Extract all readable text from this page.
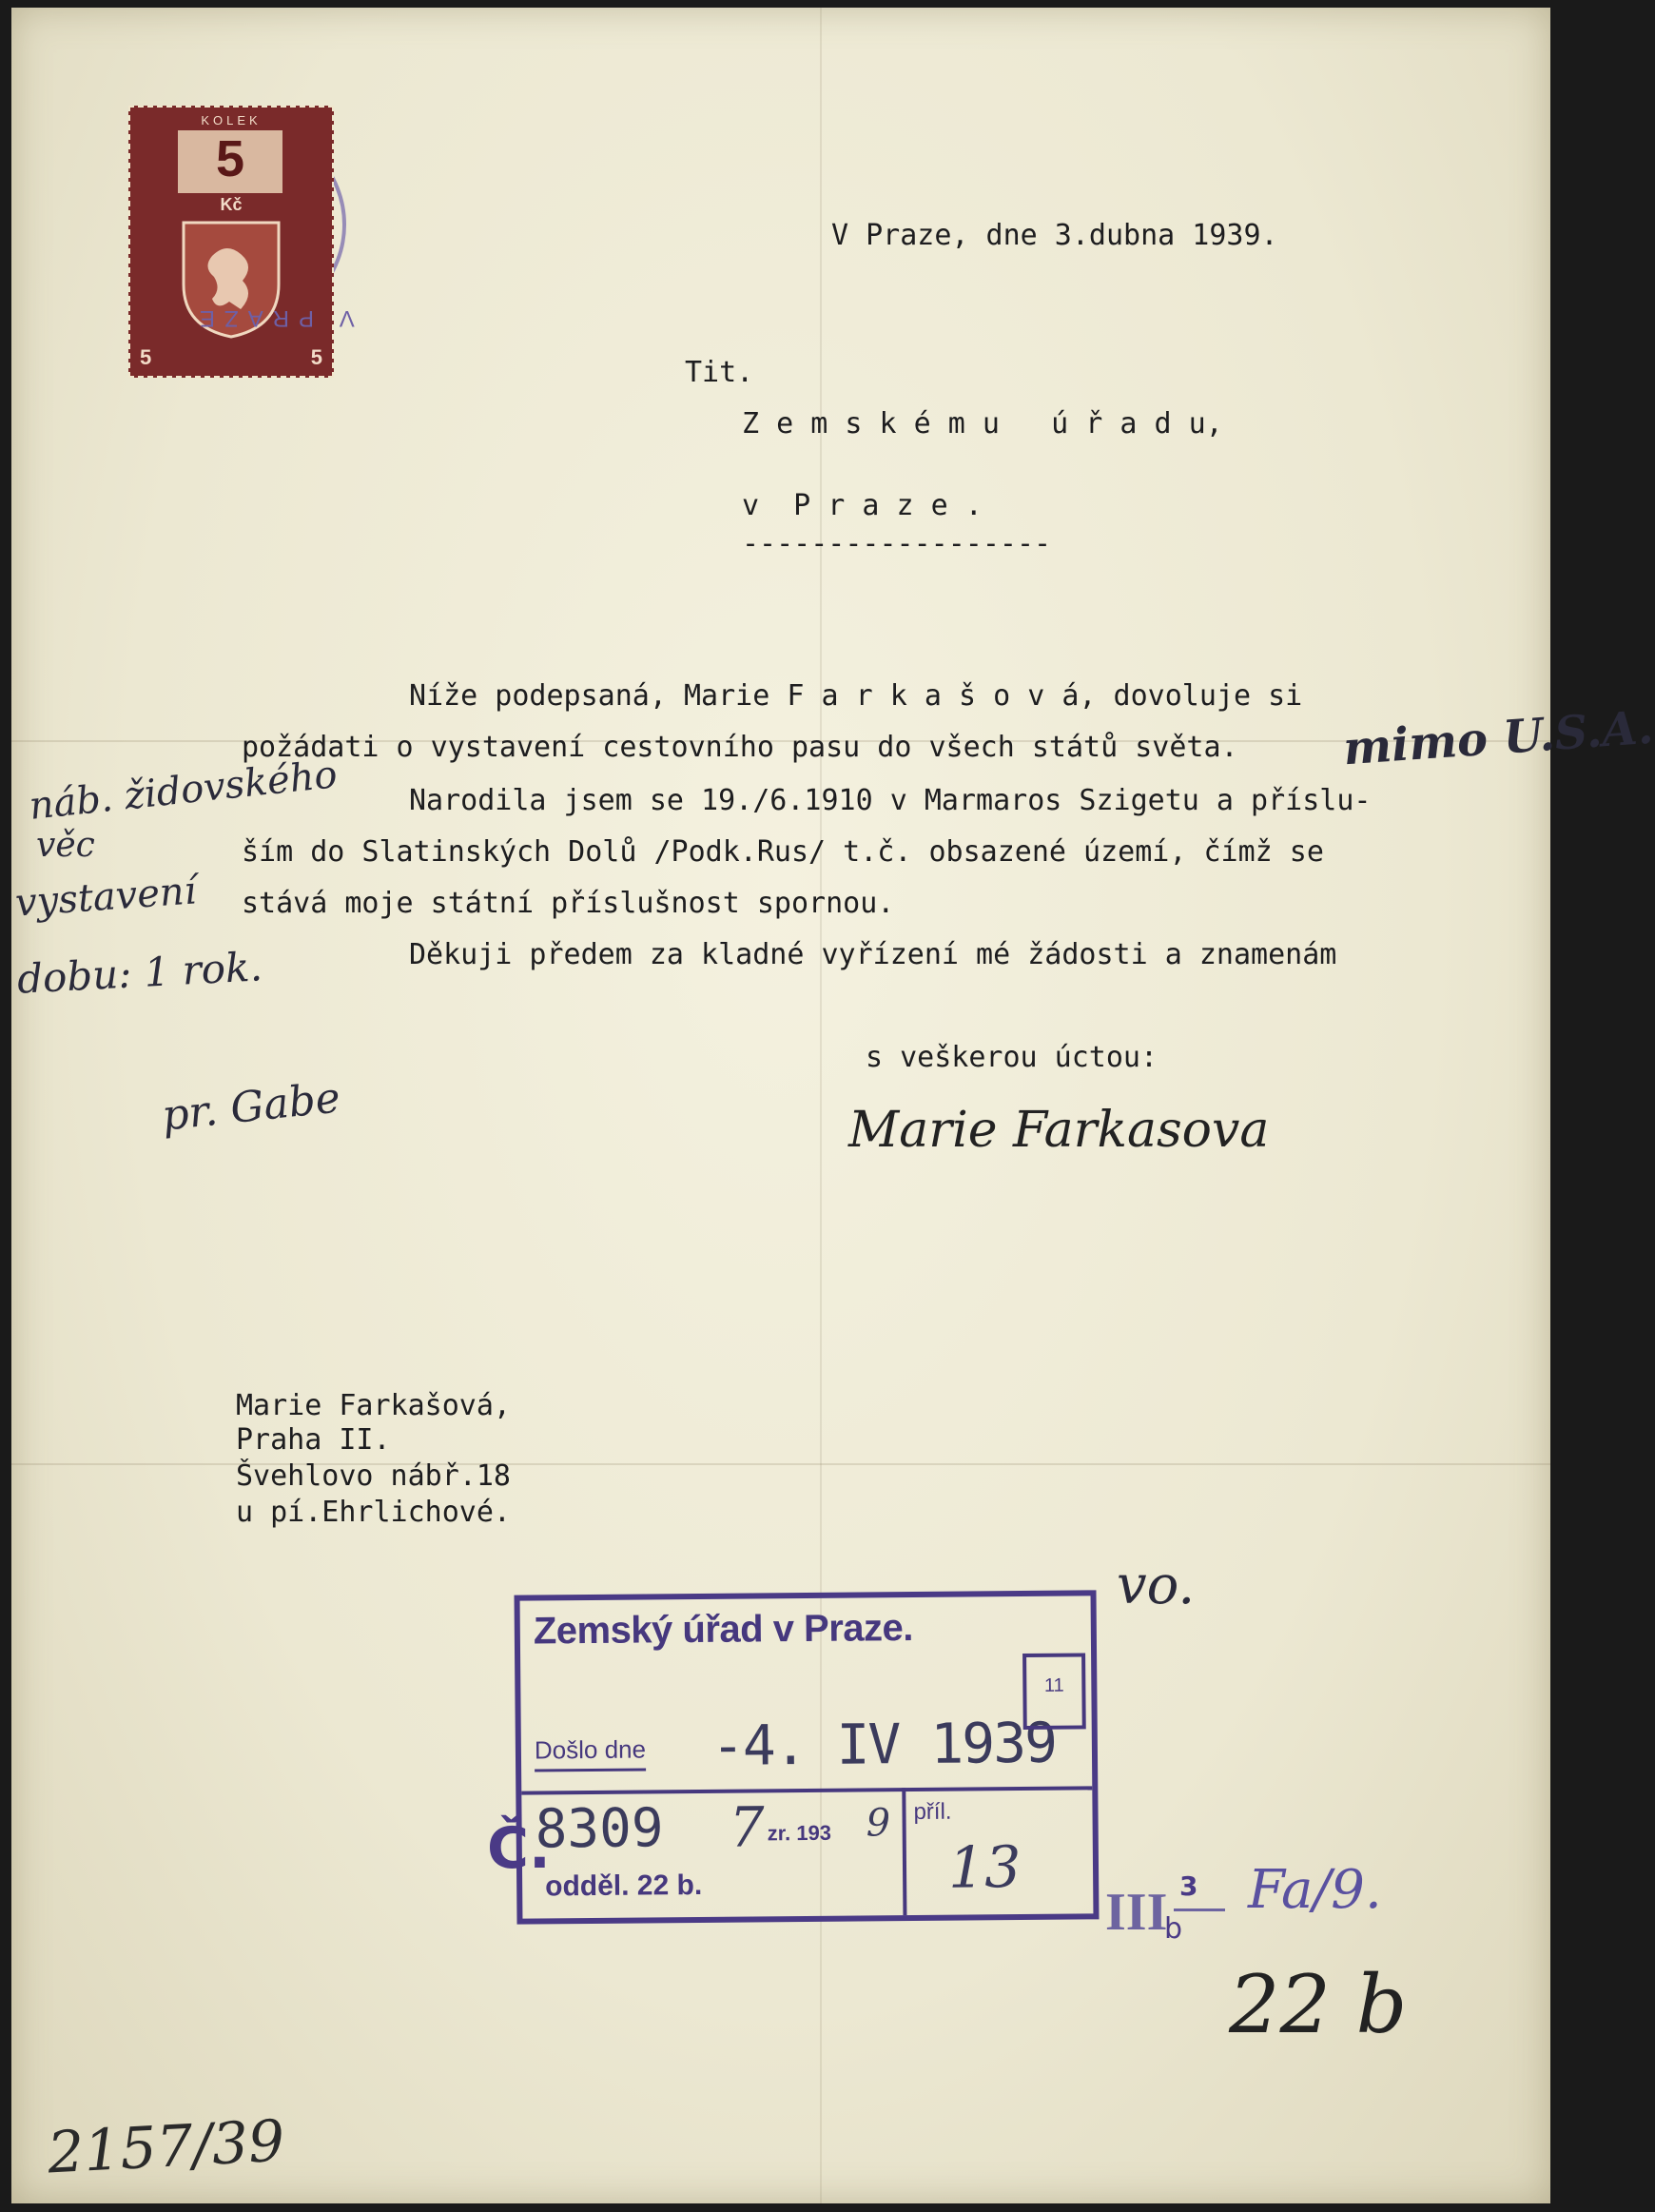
KOLEK
5
Kč
5	5
V PRAZE
V Praze, dne 3.dubna 1939.
Tit.
Z e m s k é m u   ú ř a d u,
v  P r a z e .
------------------
Níže podepsaná, Marie F a r k a š o v á, dovoluje si
požádati o vystavení cestovního pasu do všech států světa.
Narodila jsem se 19./6.1910 v Marmaros Szigetu a příslu-
ším do Slatinských Dolů /Podk.Rus/ t.č. obsazené území, čímž se
stává moje státní příslušnost spornou.
Děkuji předem za kladné vyřízení mé žádosti a znamenám
s veškerou úctou:
Marie Farkasova
Marie Farkašová,
Praha II.
Švehlovo nábř.18
u pí.Ehrlichové.
náb. židovského
věc
vystavení
dobu: 1 rok.
pr. Gabe
mimo U.S.A.
vo.
Zemský úřad v Praze.
Došlo dne -4. IV 1939
11
8309 7 zr. 193 9 příl.
13
odděl. 22 b.
Č.
III 3
b
Fa/9.
22 b
2157/39
